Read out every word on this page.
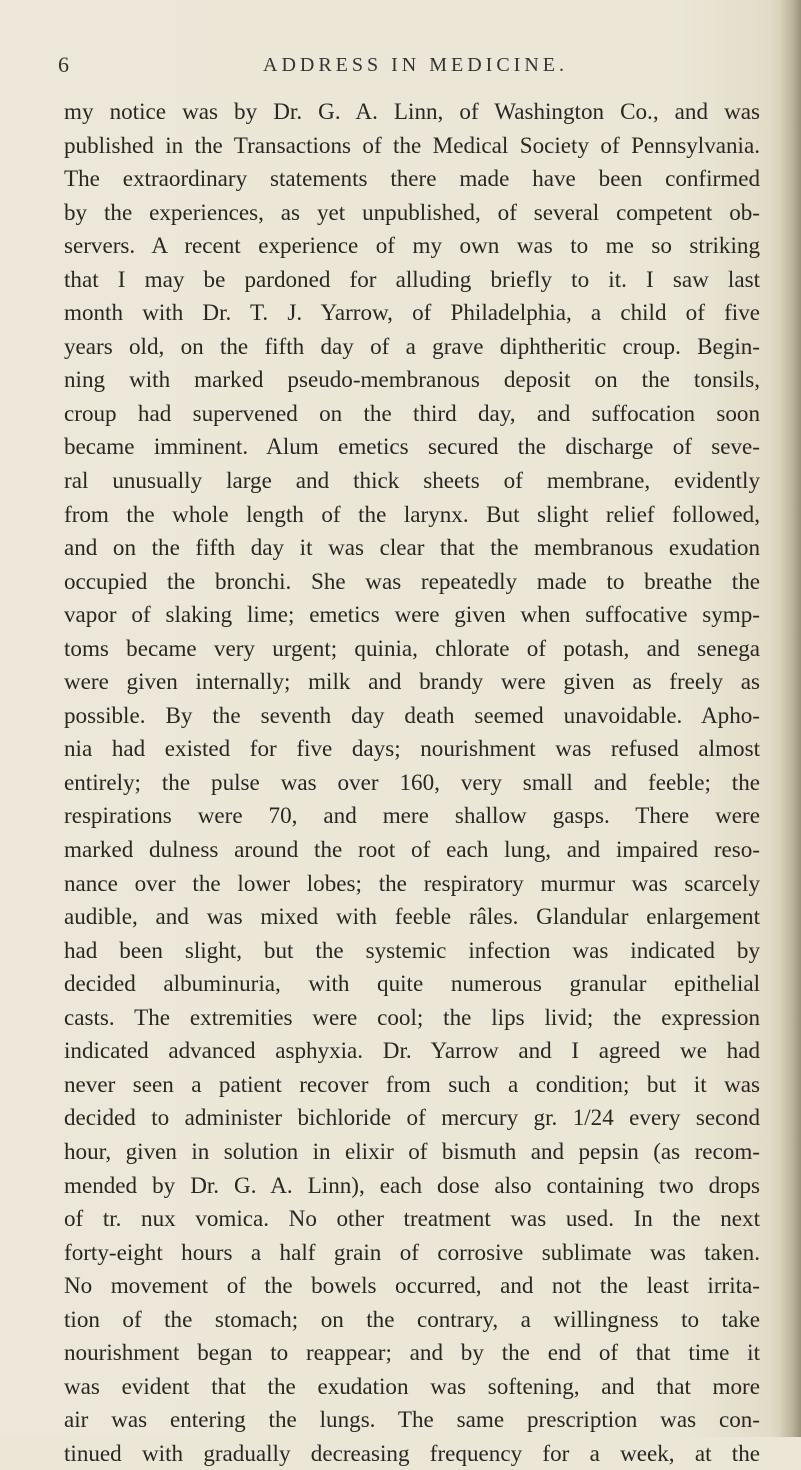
6	ADDRESS IN MEDICINE.
my notice was by Dr. G. A. Linn, of Washington Co., and was
published in the Transactions of the Medical Society of Pennsylvania.
The extraordinary statements there made have been confirmed
by the experiences, as yet unpublished, of several competent ob-
servers. A recent experience of my own was to me so striking
that I may be pardoned for alluding briefly to it. I saw last
month with Dr. T. J. Yarrow, of Philadelphia, a child of five
years old, on the fifth day of a grave diphtheritic croup. Begin-
ning with marked pseudo-membranous deposit on the tonsils,
croup had supervened on the third day, and suffocation soon
became imminent. Alum emetics secured the discharge of seve-
ral unusually large and thick sheets of membrane, evidently
from the whole length of the larynx. But slight relief followed,
and on the fifth day it was clear that the membranous exudation
occupied the bronchi. She was repeatedly made to breathe the
vapor of slaking lime; emetics were given when suffocative symp-
toms became very urgent; quinia, chlorate of potash, and senega
were given internally; milk and brandy were given as freely as
possible. By the seventh day death seemed unavoidable. Apho-
nia had existed for five days; nourishment was refused almost
entirely; the pulse was over 160, very small and feeble; the
respirations were 70, and mere shallow gasps. There were
marked dulness around the root of each lung, and impaired reso-
nance over the lower lobes; the respiratory murmur was scarcely
audible, and was mixed with feeble râles. Glandular enlargement
had been slight, but the systemic infection was indicated by
decided albuminuria, with quite numerous granular epithelial
casts. The extremities were cool; the lips livid; the expression
indicated advanced asphyxia. Dr. Yarrow and I agreed we had
never seen a patient recover from such a condition; but it was
decided to administer bichloride of mercury gr. 1/24 every second
hour, given in solution in elixir of bismuth and pepsin (as recom-
mended by Dr. G. A. Linn), each dose also containing two drops
of tr. nux vomica. No other treatment was used. In the next
forty-eight hours a half grain of corrosive sublimate was taken.
No movement of the bowels occurred, and not the least irrita-
tion of the stomach; on the contrary, a willingness to take
nourishment began to reappear; and by the end of that time it
was evident that the exudation was softening, and that more
air was entering the lungs. The same prescription was con-
tinued with gradually decreasing frequency for a week, at the
